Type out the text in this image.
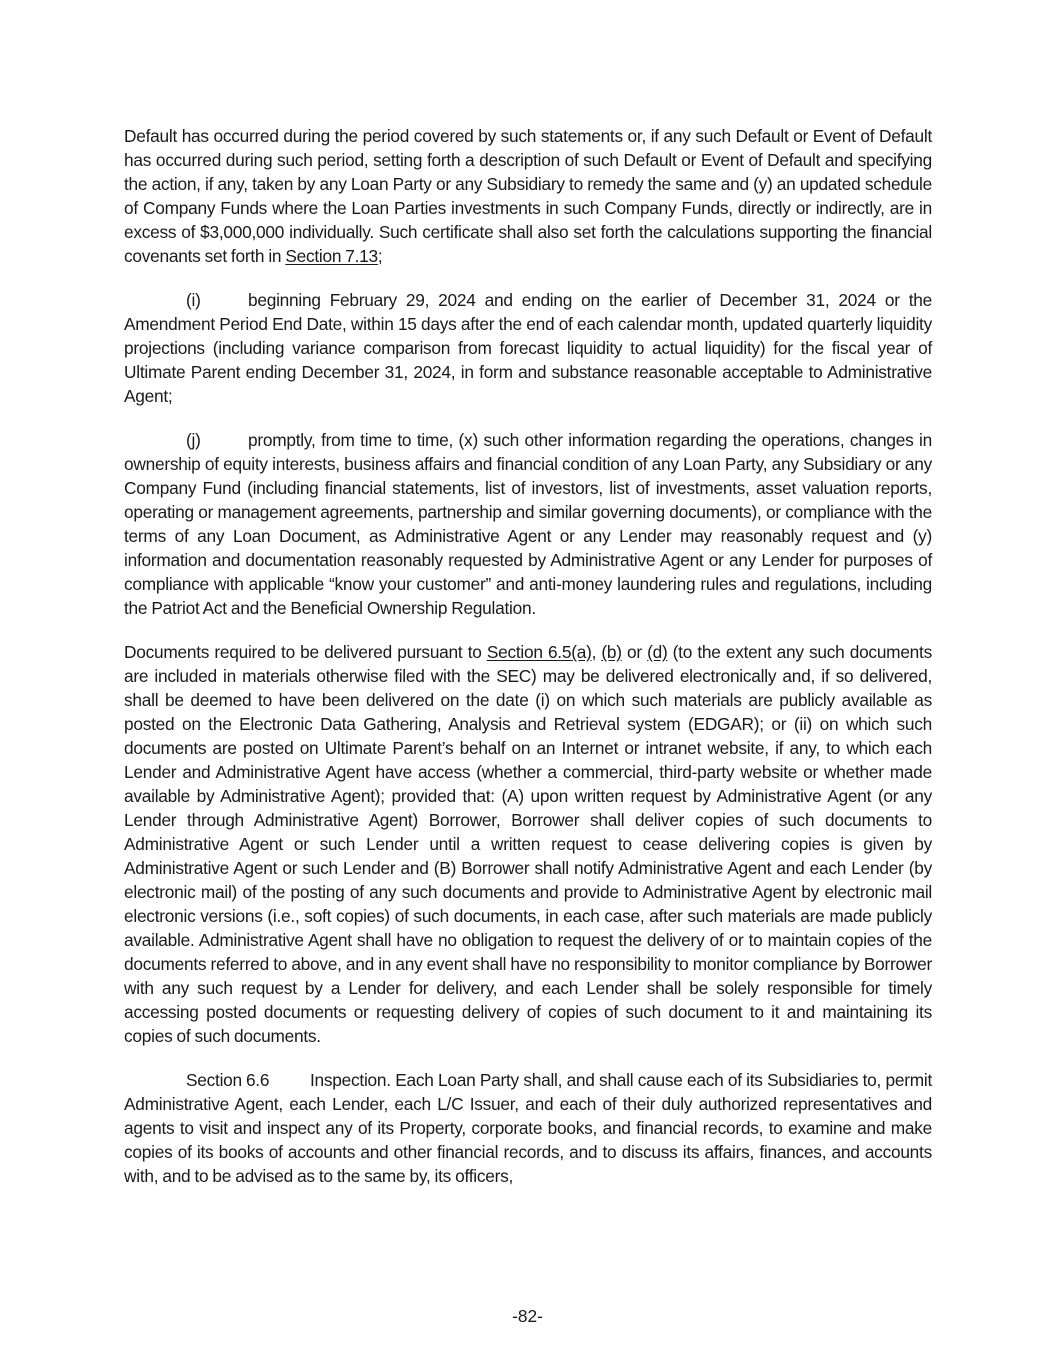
Default has occurred during the period covered by such statements or, if any such Default or Event of Default has occurred during such period, setting forth a description of such Default or Event of Default and specifying the action, if any, taken by any Loan Party or any Subsidiary to remedy the same and (y) an updated schedule of Company Funds where the Loan Parties investments in such Company Funds, directly or indirectly, are in excess of $3,000,000 individually. Such certificate shall also set forth the calculations supporting the financial covenants set forth in Section 7.13;

(i)	beginning February 29, 2024 and ending on the earlier of December 31, 2024 or the Amendment Period End Date, within 15 days after the end of each calendar month, updated quarterly liquidity projections (including variance comparison from forecast liquidity to actual liquidity) for the fiscal year of Ultimate Parent ending December 31, 2024, in form and substance reasonable acceptable to Administrative Agent;

(j)	promptly, from time to time, (x) such other information regarding the operations, changes in ownership of equity interests, business affairs and financial condition of any Loan Party, any Subsidiary or any Company Fund (including financial statements, list of investors, list of investments, asset valuation reports, operating or management agreements, partnership and similar governing documents), or compliance with the terms of any Loan Document, as Administrative Agent or any Lender may reasonably request and (y) information and documentation reasonably requested by Administrative Agent or any Lender for purposes of compliance with applicable “know your customer” and anti-money laundering rules and regulations, including the Patriot Act and the Beneficial Ownership Regulation.

Documents required to be delivered pursuant to Section 6.5(a), (b) or (d) (to the extent any such documents are included in materials otherwise filed with the SEC) may be delivered electronically and, if so delivered, shall be deemed to have been delivered on the date (i) on which such materials are publicly available as posted on the Electronic Data Gathering, Analysis and Retrieval system (EDGAR); or (ii) on which such documents are posted on Ultimate Parent’s behalf on an Internet or intranet website, if any, to which each Lender and Administrative Agent have access (whether a commercial, third-party website or whether made available by Administrative Agent); provided that: (A) upon written request by Administrative Agent (or any Lender through Administrative Agent) Borrower, Borrower shall deliver copies of such documents to Administrative Agent or such Lender until a written request to cease delivering copies is given by Administrative Agent or such Lender and (B) Borrower shall notify Administrative Agent and each Lender (by electronic mail) of the posting of any such documents and provide to Administrative Agent by electronic mail electronic versions (i.e., soft copies) of such documents, in each case, after such materials are made publicly available. Administrative Agent shall have no obligation to request the delivery of or to maintain copies of the documents referred to above, and in any event shall have no responsibility to monitor compliance by Borrower with any such request by a Lender for delivery, and each Lender shall be solely responsible for timely accessing posted documents or requesting delivery of copies of such document to it and maintaining its copies of such documents.

Section 6.6 Inspection. Each Loan Party shall, and shall cause each of its Subsidiaries to, permit Administrative Agent, each Lender, each L/C Issuer, and each of their duly authorized representatives and agents to visit and inspect any of its Property, corporate books, and financial records, to examine and make copies of its books of accounts and other financial records, and to discuss its affairs, finances, and accounts with, and to be advised as to the same by, its officers,

-82-
